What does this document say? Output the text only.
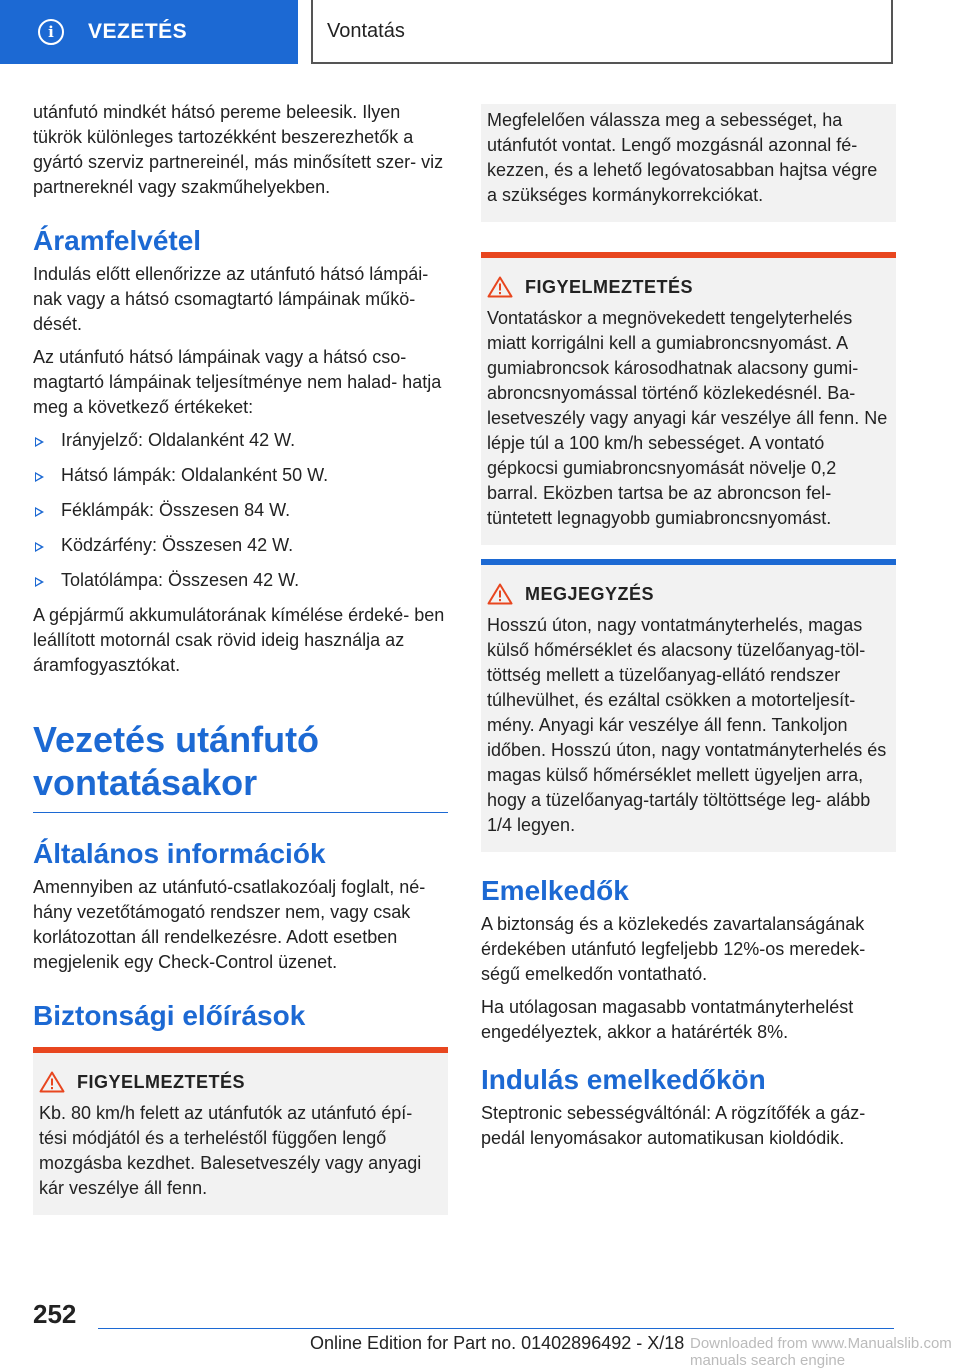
i	VEZETÉS	Vontatás

utánfutó mindkét hátsó pereme beleesik. Ilyen tükrök különleges tartozékként beszerezhetők a gyártó szerviz partnereinél, más minősített szer- viz partnereknél vagy szakműhelyekben.

Áramfelvétel

Indulás előtt ellenőrizze az utánfutó hátsó lámpái- nak vagy a hátsó csomagtartó lámpáinak műkö- dését.

Az utánfutó hátsó lámpáinak vagy a hátsó cso- magtartó lámpáinak teljesítménye nem halad- hatja meg a következő értékeket:

Irányjelző: Oldalanként 42 W.
Hátsó lámpák: Oldalanként 50 W.
Féklámpák: Összesen 84 W.
Ködzárfény: Összesen 42 W.
Tolatólámpa: Összesen 42 W.

A gépjármű akkumulátorának kímélése érdeké- ben leállított motornál csak rövid ideig használja az áramfogyasztókat.

Vezetés utánfutó vontatásakor
Általános információk

Amennyiben az utánfutó-csatlakozóalj foglalt, né- hány vezetőtámogató rendszer nem, vagy csak korlátozottan áll rendelkezésre. Adott esetben megjelenik egy Check-Control üzenet.

Biztonsági előírások
FIGYELMEZTETÉS

Kb. 80 km/h felett az utánfutók az utánfutó épí- tési módjától és a terheléstől függően lengő mozgásba kezdhet. Balesetveszély vagy anyagi kár veszélye áll fenn.

Megfelelően válassza meg a sebességet, ha utánfutót vontat. Lengő mozgásnál azonnal fé- kezzen, és a lehető legóvatosabban hajtsa végre a szükséges kormánykorrekciókat.

FIGYELMEZTETÉS

Vontatáskor a megnövekedett tengelyterhelés miatt korrigálni kell a gumiabroncsnyomást. A gumiabroncsok károsodhatnak alacsony gumi- abroncsnyomással történő közlekedésnél. Ba- lesetveszély vagy anyagi kár veszélye áll fenn. Ne lépje túl a 100 km/h sebességet. A vontató gépkocsi gumiabroncsnyomását növelje 0,2 barral. Eközben tartsa be az abroncson fel- tüntetett legnagyobb gumiabroncsnyomást.

MEGJEGYZÉS

Hosszú úton, nagy vontatmányterhelés, magas külső hőmérséklet és alacsony tüzelőanyag-töl- töttség mellett a tüzelőanyag-ellátó rendszer túlhevülhet, és ezáltal csökken a motorteljesít- mény. Anyagi kár veszélye áll fenn. Tankoljon időben. Hosszú úton, nagy vontatmányterhelés és magas külső hőmérséklet mellett ügyeljen arra, hogy a tüzelőanyag-tartály töltöttsége leg- alább 1/4 legyen.

Emelkedők

A biztonság és a közlekedés zavartalanságának érdekében utánfutó legfeljebb 12%-os meredek- ségű emelkedőn vontatható.

Ha utólagosan magasabb vontatmányterhelést engedélyeztek, akkor a határérték 8%.

Indulás emelkedőkön

Steptronic sebességváltónál: A rögzítőfék a gáz- pedál lenyomásakor automatikusan kioldódik.

252
Online Edition for Part no. 01402896492 - X/18 Downloaded from www.Manualslib.com manuals search engine
